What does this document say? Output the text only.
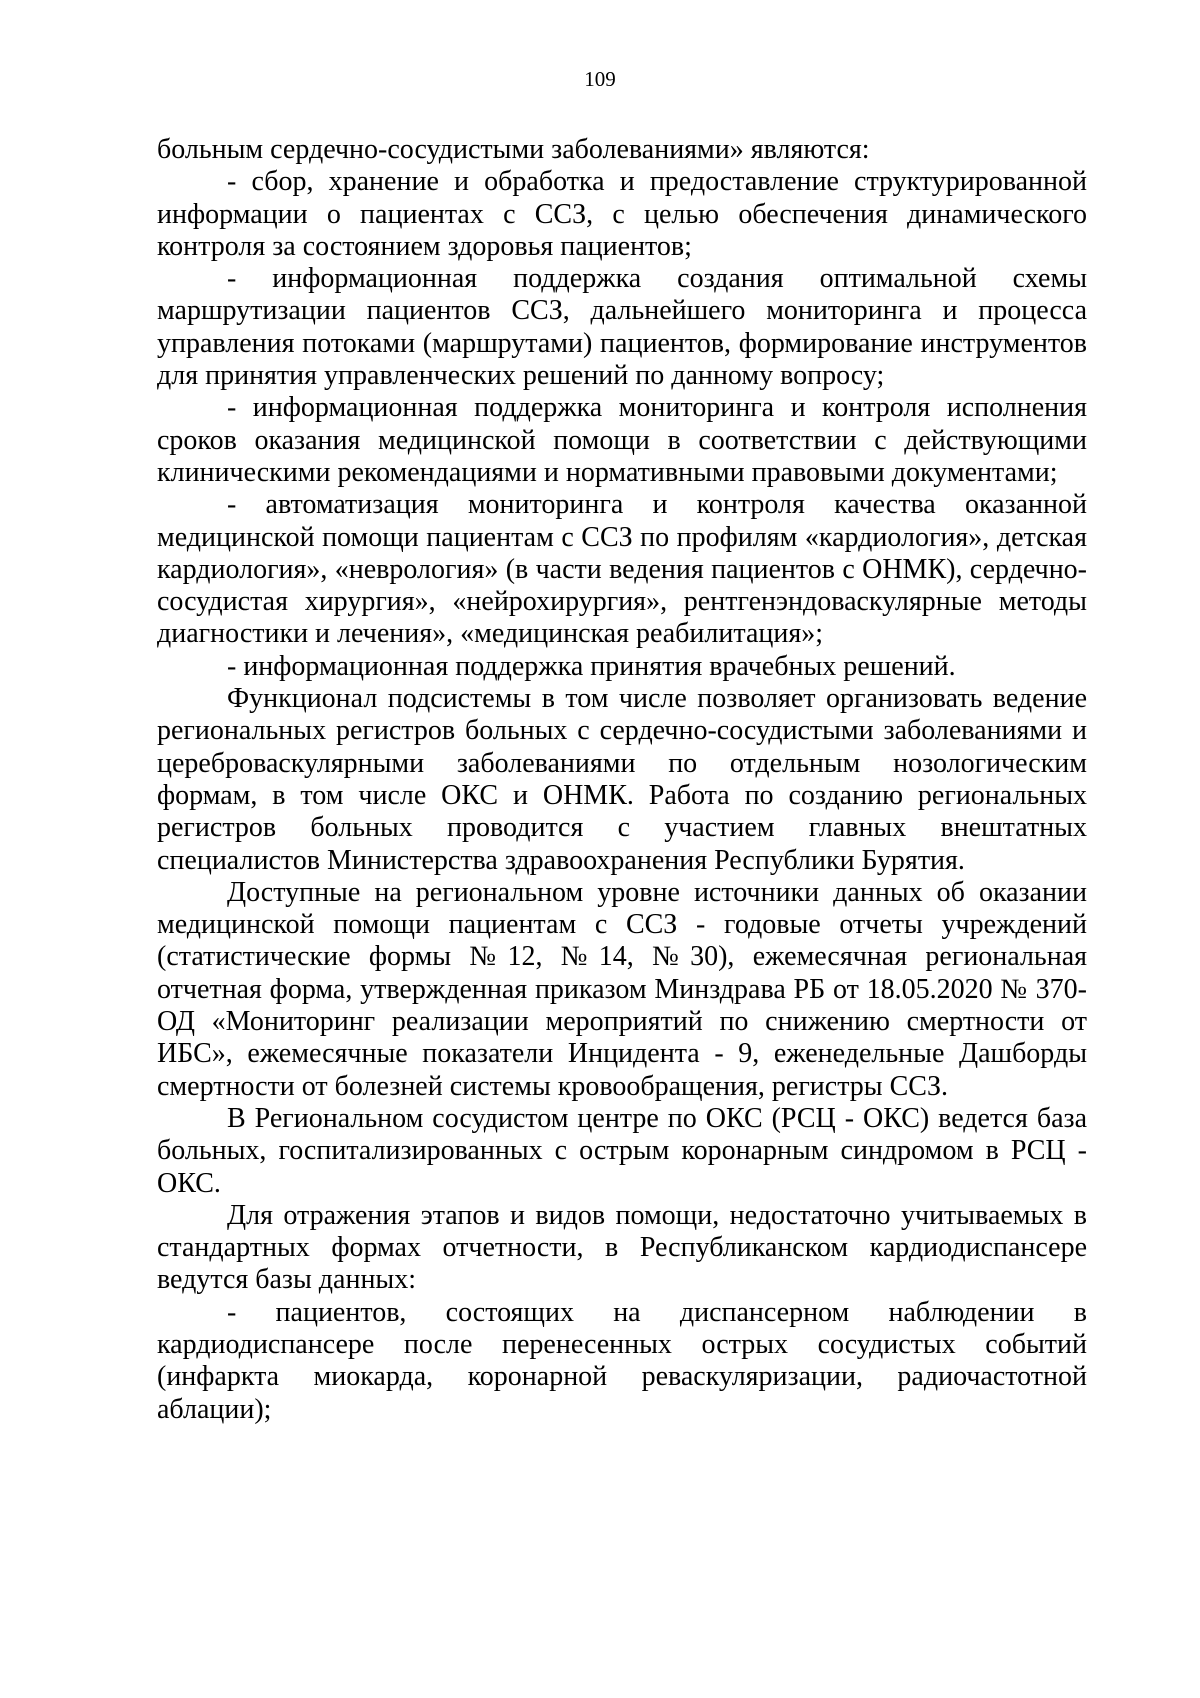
109

больным сердечно-сосудистыми заболеваниями» являются:

- сбор, хранение и обработка и предоставление структурированной информации о пациентах с ССЗ, с целью обеспечения динамического контроля за состоянием здоровья пациентов;

- информационная поддержка создания оптимальной схемы маршрутизации пациентов ССЗ, дальнейшего мониторинга и процесса управления потоками (маршрутами) пациентов, формирование инструментов для принятия управленческих решений по данному вопросу;

- информационная поддержка мониторинга и контроля исполнения сроков оказания медицинской помощи в соответствии с действующими клиническими рекомендациями и нормативными правовыми документами;

- автоматизация мониторинга и контроля качества оказанной медицинской помощи пациентам с ССЗ по профилям «кардиология», детская кардиология», «неврология» (в части ведения пациентов с ОНМК), сердечно-сосудистая хирургия», «нейрохирургия», рентгенэндоваскулярные методы диагностики и лечения», «медицинская реабилитация»;

- информационная поддержка принятия врачебных решений.

Функционал подсистемы в том числе позволяет организовать ведение региональных регистров больных с сердечно-сосудистыми заболеваниями и цереброваскулярными заболеваниями по отдельным нозологическим формам, в том числе ОКС и ОНМК. Работа по созданию региональных регистров больных проводится с участием главных внештатных специалистов Министерства здравоохранения Республики Бурятия.

Доступные на региональном уровне источники данных об оказании медицинской помощи пациентам с ССЗ - годовые отчеты учреждений (статистические формы №12, №14, №30), ежемесячная региональная отчетная форма, утвержденная приказом Минздрава РБ от 18.05.2020 № 370-ОД «Мониторинг реализации мероприятий по снижению смертности от ИБС», ежемесячные показатели Инцидента - 9, еженедельные Дашборды смертности от болезней системы кровообращения, регистры ССЗ.

В Региональном сосудистом центре по ОКС (РСЦ - ОКС) ведется база больных, госпитализированных с острым коронарным синдромом в РСЦ - ОКС.

Для отражения этапов и видов помощи, недостаточно учитываемых в стандартных формах отчетности, в Республиканском кардиодиспансере ведутся базы данных:

- пациентов, состоящих на диспансерном наблюдении в кардиодиспансере после перенесенных острых сосудистых событий (инфаркта миокарда, коронарной реваскуляризации, радиочастотной аблации);
